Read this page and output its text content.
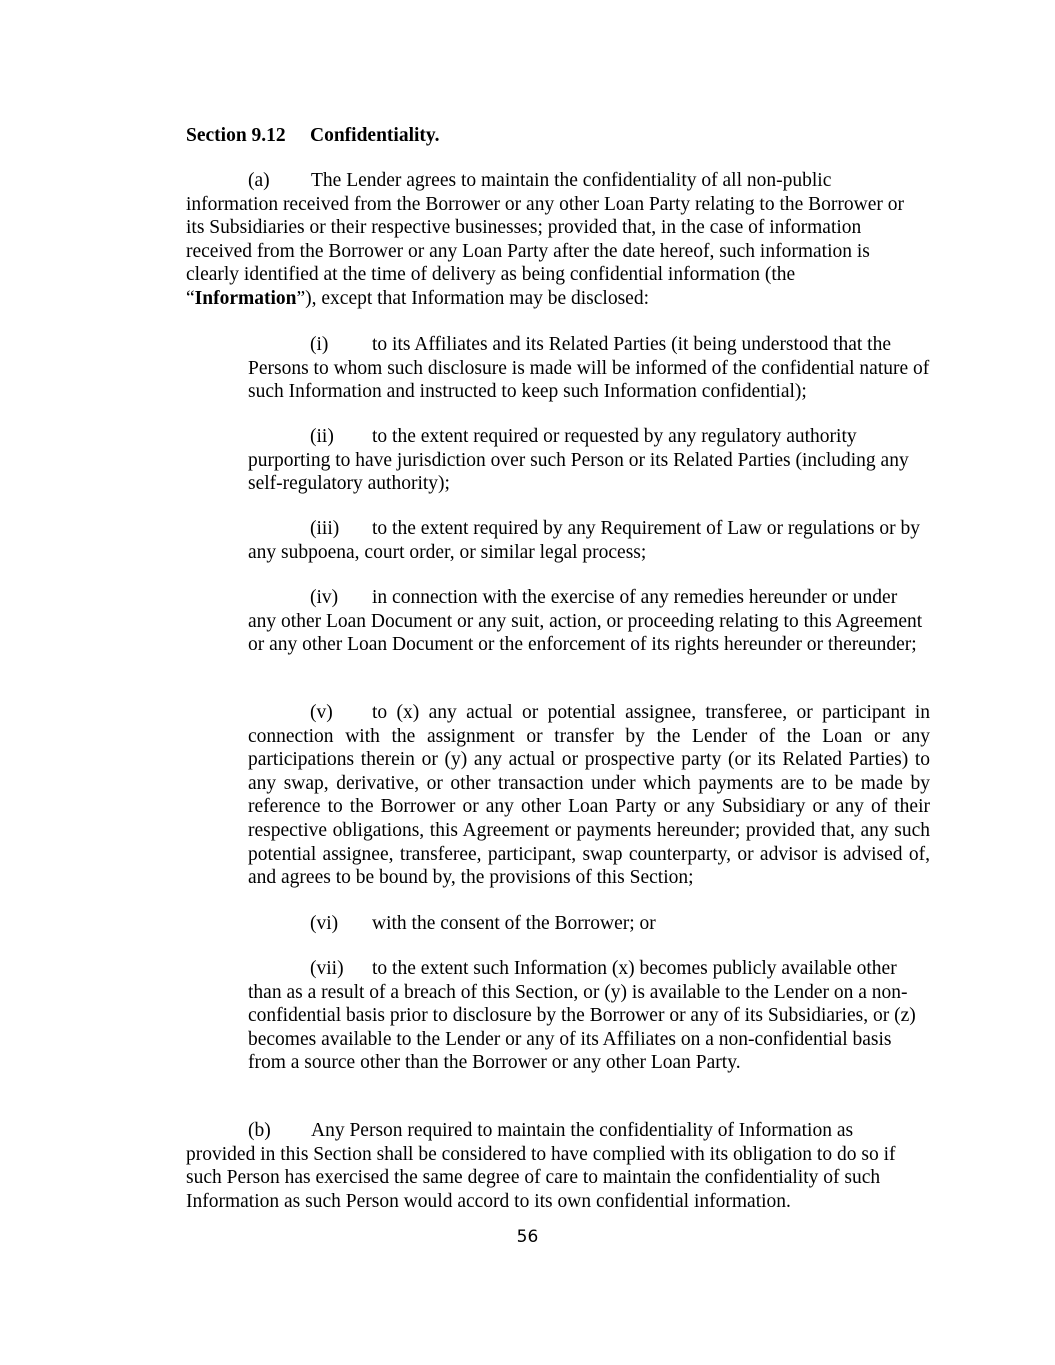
Section 9.12 Confidentiality.

(a) The Lender agrees to maintain the confidentiality of all non-public information received from the Borrower or any other Loan Party relating to the Borrower or its Subsidiaries or their respective businesses; provided that, in the case of information received from the Borrower or any Loan Party after the date hereof, such information is clearly identified at the time of delivery as being confidential information (the “Information”), except that Information may be disclosed:

(i) to its Affiliates and its Related Parties (it being understood that the Persons to whom such disclosure is made will be informed of the confidential nature of such Information and instructed to keep such Information confidential);

(ii) to the extent required or requested by any regulatory authority purporting to have jurisdiction over such Person or its Related Parties (including any self-regulatory authority);

(iii) to the extent required by any Requirement of Law or regulations or by any subpoena, court order, or similar legal process;

(iv) in connection with the exercise of any remedies hereunder or under any other Loan Document or any suit, action, or proceeding relating to this Agreement or any other Loan Document or the enforcement of its rights hereunder or thereunder;

(v) to (x) any actual or potential assignee, transferee, or participant in connection with the assignment or transfer by the Lender of the Loan or any participations therein or (y) any actual or prospective party (or its Related Parties) to any swap, derivative, or other transaction under which payments are to be made by reference to the Borrower or any other Loan Party or any Subsidiary or any of their respective obligations, this Agreement or payments hereunder; provided that, any such potential assignee, transferee, participant, swap counterparty, or advisor is advised of, and agrees to be bound by, the provisions of this Section;

(vi) with the consent of the Borrower; or

(vii) to the extent such Information (x) becomes publicly available other than as a result of a breach of this Section, or (y) is available to the Lender on a non-confidential basis prior to disclosure by the Borrower or any of its Subsidiaries, or (z) becomes available to the Lender or any of its Affiliates on a non-confidential basis from a source other than the Borrower or any other Loan Party.

(b) Any Person required to maintain the confidentiality of Information as provided in this Section shall be considered to have complied with its obligation to do so if such Person has exercised the same degree of care to maintain the confidentiality of such Information as such Person would accord to its own confidential information.

56
